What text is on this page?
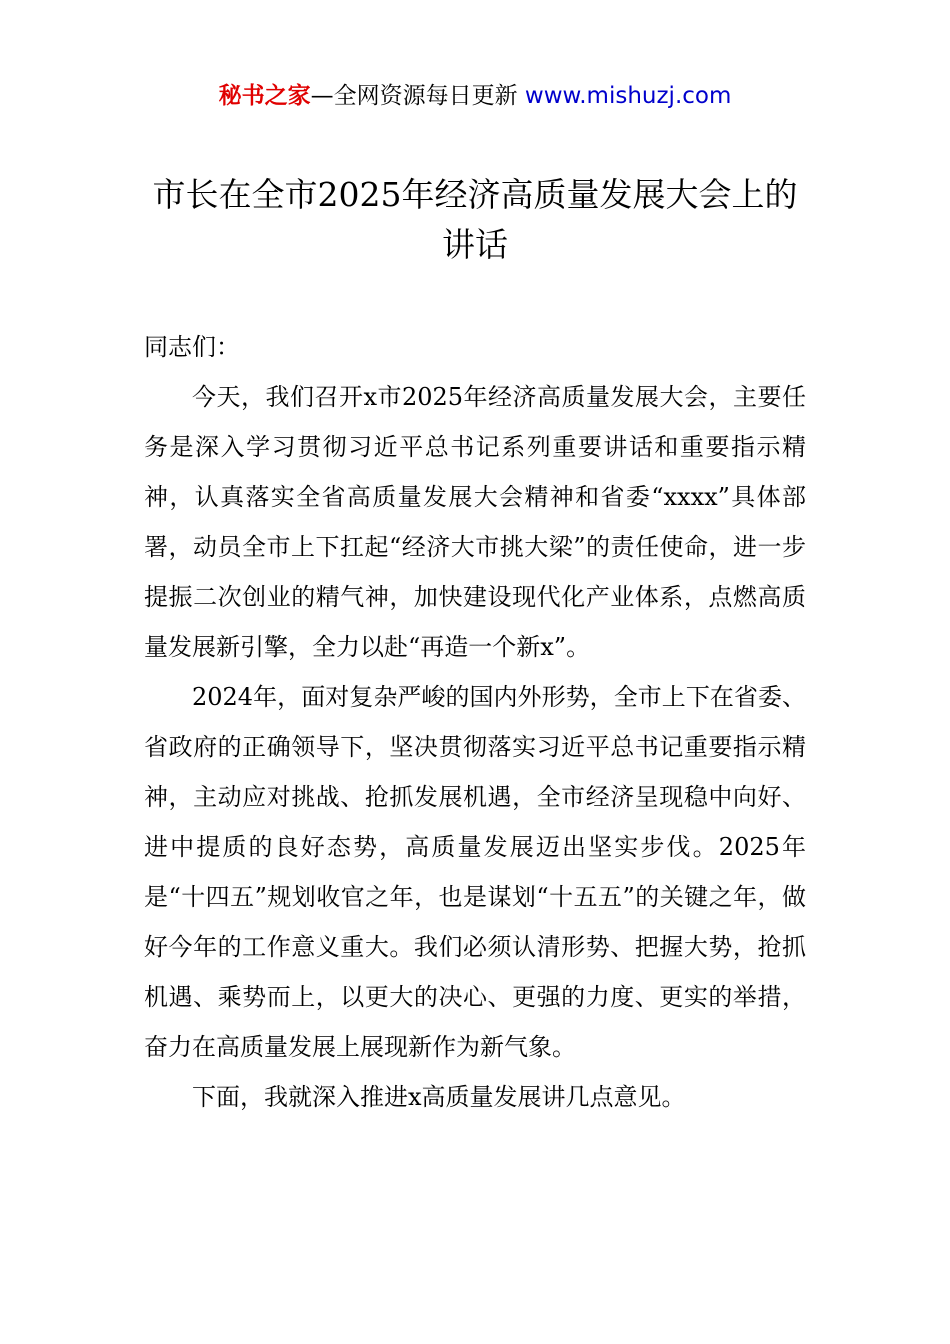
秘书之家—全网资源每日更新 www.mishuzj.com
市长在全市2025年经济高质量发展大会上的讲话

同志们：

今天，我们召开x市2025年经济高质量发展大会，主要任务是深入学习贯彻习近平总书记系列重要讲话和重要指示精神，认真落实全省高质量发展大会精神和省委“xxxx”具体部署，动员全市上下扛起“经济大市挑大梁”的责任使命，进一步提振二次创业的精气神，加快建设现代化产业体系，点燃高质量发展新引擎，全力以赴“再造一个新x”。

2024年，面对复杂严峻的国内外形势，全市上下在省委、省政府的正确领导下，坚决贯彻落实习近平总书记重要指示精神，主动应对挑战、抢抓发展机遇，全市经济呈现稳中向好、进中提质的良好态势，高质量发展迈出坚实步伐。2025年是“十四五”规划收官之年，也是谋划“十五五”的关键之年，做好今年的工作意义重大。我们必须认清形势、把握大势，抢抓机遇、乘势而上，以更大的决心、更强的力度、更实的举措，奋力在高质量发展上展现新作为新气象。

下面，我就深入推进x高质量发展讲几点意见。
